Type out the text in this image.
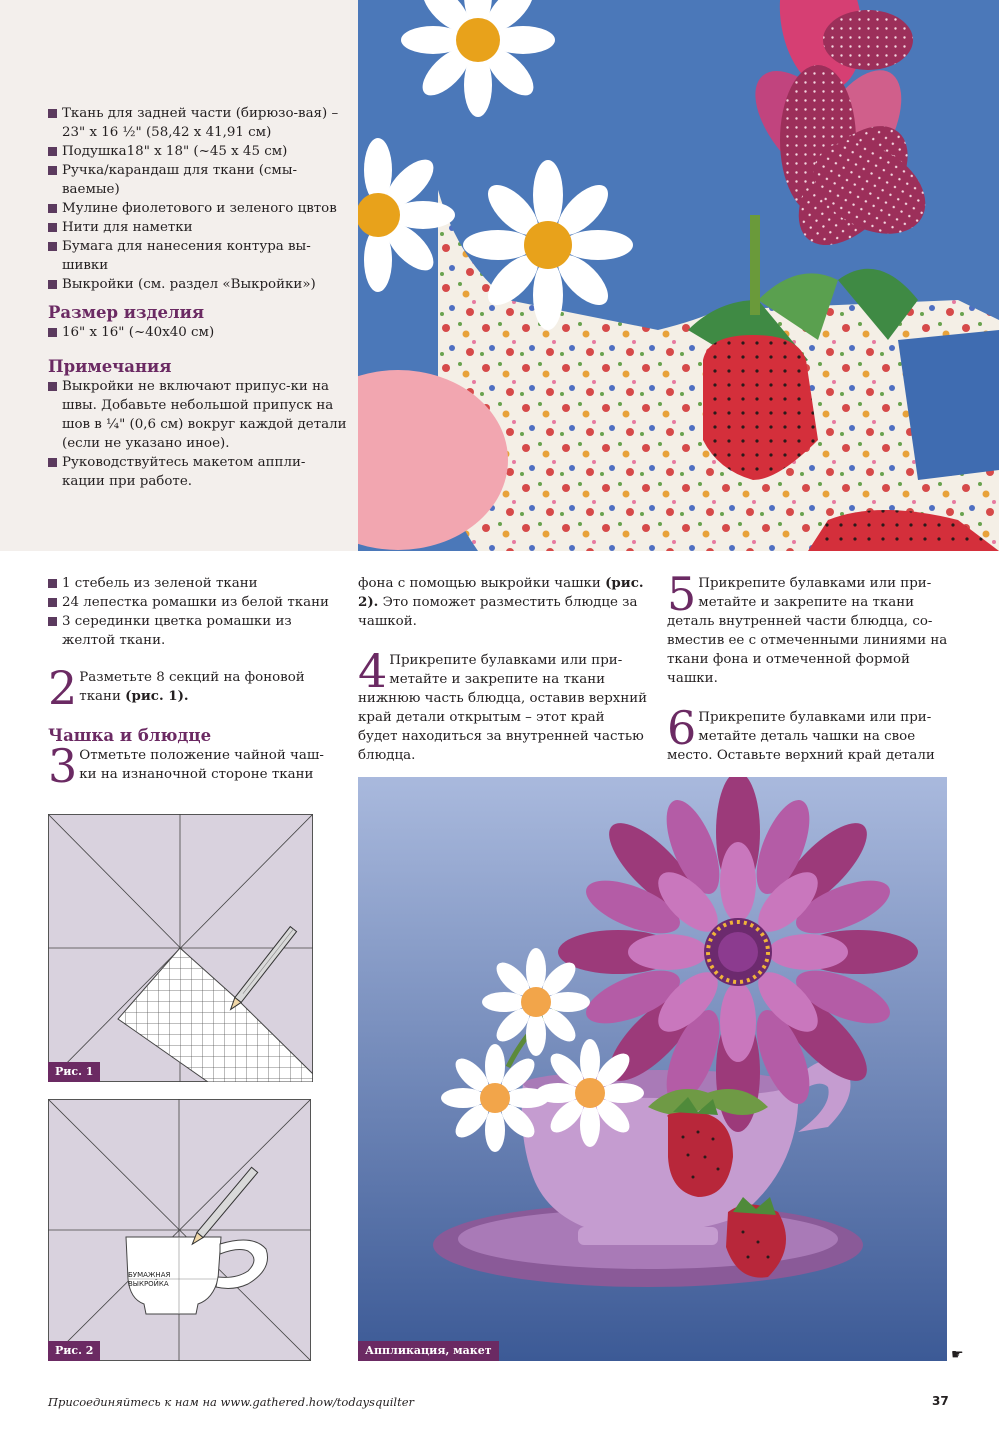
Ткань для задней части (бирюзо-вая) – 23" x 16 ½" (58,42 x 41,91 см)
Подушка18" x 18" (~45 x 45 см)
Ручка/карандаш для ткани (смы-ваемые)
Мулине фиолетового и зеленого цвтов
Нити для наметки
Бумага для нанесения контура вы-шивки
Выкройки (см. раздел «Выкройки»)
Размер изделия
16" x 16" (~40x40 см)
Примечания
Выкройки не включают припус-ки на швы. Добавьте небольшой припуск на шов в ¼" (0,6 см) вокруг каждой детали (если не указано иное).
Руководствуйтесь макетом аппли-кации при работе.
1 стебель из зеленой ткани
24 лепестка ромашки из белой ткани
3 серединки цветка ромашки из желтой ткани.
2 Разметьте 8 секций на фоновой ткани (рис. 1).

Чашка и блюдце
3 Отметьте положение чайной чаш-ки на изнаночной стороне ткани

фона с помощью выкройки чашки (рис. 2). Это поможет разместить блюдце за чашкой.

4 Прикрепите булавками или при-метайте и закрепите на ткани нижнюю часть блюдца, оставив верхний край детали открытым – этот край будет находиться за внутренней частью блюдца.

5 Прикрепите булавками или при-метайте и закрепите на ткани деталь внутренней части блюдца, со-вместив ее с отмеченными линиями на ткани фона и отмеченной формой чашки.

6 Прикрепите булавками или при-метайте деталь чашки на свое место. Оставьте верхний край детали

Рис. 1
БУМАЖНАЯ
ВЫКРОЙКА
Рис. 2	Аппликация, макет	☛
Присоединяйтесь к нам на www.gathered.how/todaysquilter	37
